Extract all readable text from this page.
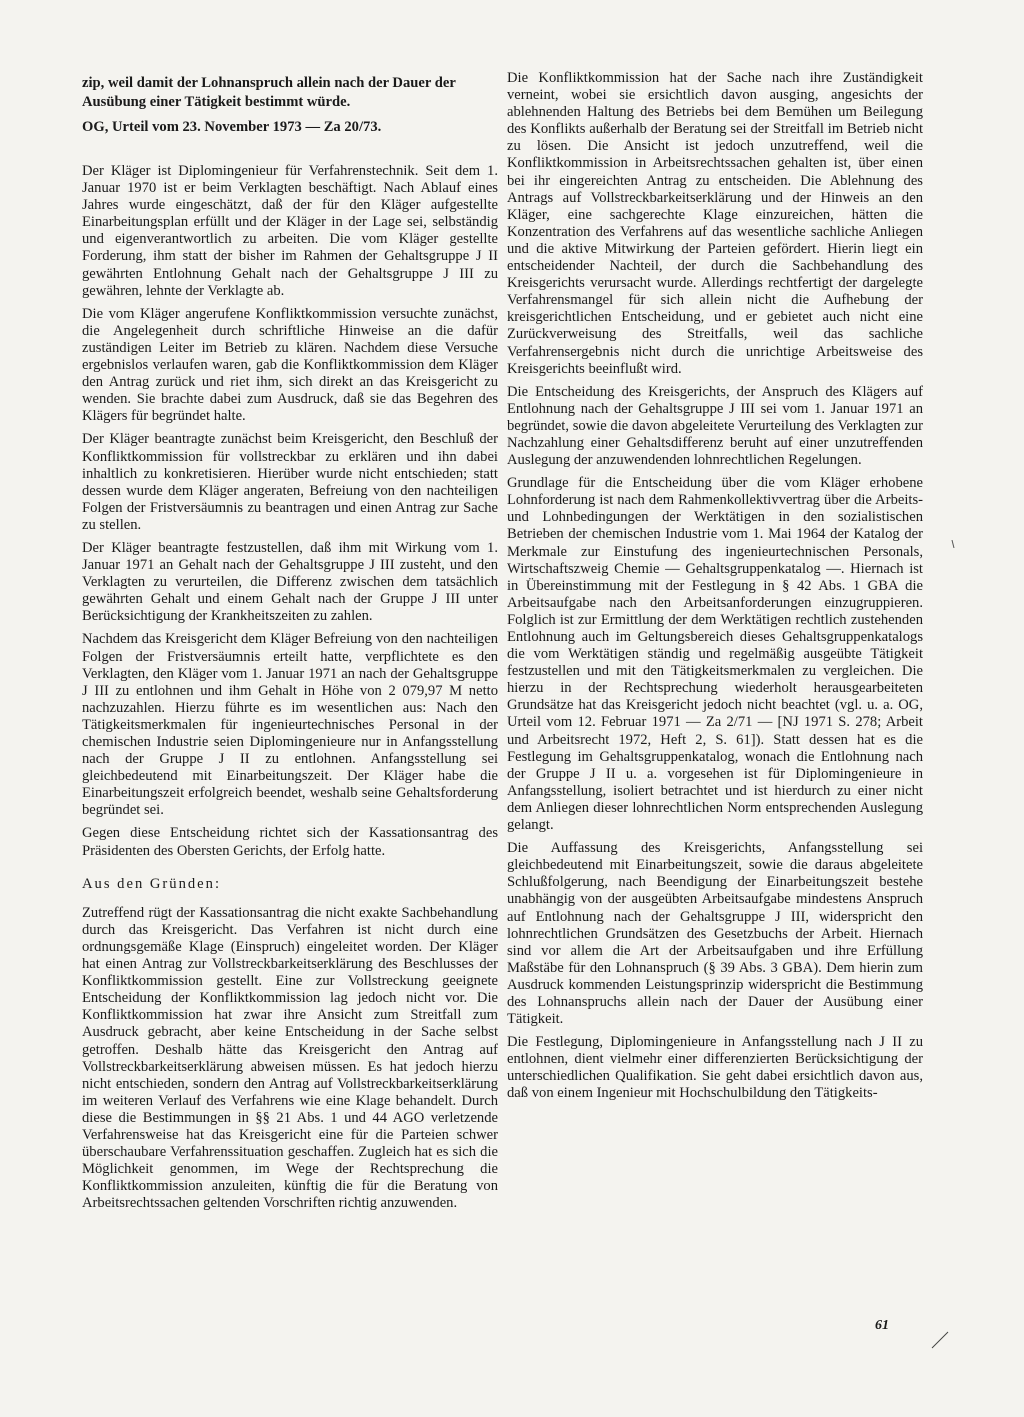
zip, weil damit der Lohnanspruch allein nach der Dauer der Ausübung einer Tätigkeit bestimmt würde.

OG, Urteil vom 23. November 1973 — Za 20/73.

Der Kläger ist Diplomingenieur für Verfahrenstechnik. Seit dem 1. Januar 1970 ist er beim Verklagten beschäftigt. Nach Ablauf eines Jahres wurde eingeschätzt, daß der für den Kläger aufgestellte Einarbeitungsplan erfüllt und der Kläger in der Lage sei, selbständig und eigenverantwortlich zu arbeiten. Die vom Kläger gestellte Forderung, ihm statt der bisher im Rahmen der Gehaltsgruppe J II gewährten Entlohnung Gehalt nach der Gehaltsgruppe J III zu gewähren, lehnte der Verklagte ab.

Die vom Kläger angerufene Konfliktkommission versuchte zunächst, die Angelegenheit durch schriftliche Hinweise an die dafür zuständigen Leiter im Betrieb zu klären. Nachdem diese Versuche ergebnislos verlaufen waren, gab die Konfliktkommission dem Kläger den Antrag zurück und riet ihm, sich direkt an das Kreisgericht zu wenden. Sie brachte dabei zum Ausdruck, daß sie das Begehren des Klägers für begründet halte.

Der Kläger beantragte zunächst beim Kreisgericht, den Beschluß der Konfliktkommission für vollstreckbar zu erklären und ihn dabei inhaltlich zu konkretisieren. Hierüber wurde nicht entschieden; statt dessen wurde dem Kläger angeraten, Befreiung von den nachteiligen Folgen der Fristversäumnis zu beantragen und einen Antrag zur Sache zu stellen.

Der Kläger beantragte festzustellen, daß ihm mit Wirkung vom 1. Januar 1971 an Gehalt nach der Gehaltsgruppe J III zusteht, und den Verklagten zu verurteilen, die Differenz zwischen dem tatsächlich gewährten Gehalt und einem Gehalt nach der Gruppe J III unter Berücksichtigung der Krankheitszeiten zu zahlen.

Nachdem das Kreisgericht dem Kläger Befreiung von den nachteiligen Folgen der Fristversäumnis erteilt hatte, verpflichtete es den Verklagten, den Kläger vom 1. Januar 1971 an nach der Gehaltsgruppe J III zu entlohnen und ihm Gehalt in Höhe von 2 079,97 M netto nachzuzahlen. Hierzu führte es im wesentlichen aus: Nach den Tätigkeitsmerkmalen für ingenieurtechnisches Personal in der chemischen Industrie seien Diplomingenieure nur in Anfangsstellung nach der Gruppe J II zu entlohnen. Anfangsstellung sei gleichbedeutend mit Einarbeitungszeit. Der Kläger habe die Einarbeitungszeit erfolgreich beendet, weshalb seine Gehaltsforderung begründet sei.

Gegen diese Entscheidung richtet sich der Kassationsantrag des Präsidenten des Obersten Gerichts, der Erfolg hatte.

Aus den Gründen:

Zutreffend rügt der Kassationsantrag die nicht exakte Sachbehandlung durch das Kreisgericht. Das Verfahren ist nicht durch eine ordnungsgemäße Klage (Einspruch) eingeleitet worden. Der Kläger hat einen Antrag zur Vollstreckbarkeitserklärung des Beschlusses der Konfliktkommission gestellt. Eine zur Vollstreckung geeignete Entscheidung der Konfliktkommission lag jedoch nicht vor. Die Konfliktkommission hat zwar ihre Ansicht zum Streitfall zum Ausdruck gebracht, aber keine Entscheidung in der Sache selbst getroffen. Deshalb hätte das Kreisgericht den Antrag auf Vollstreckbarkeitserklärung abweisen müssen. Es hat jedoch hierzu nicht entschieden, sondern den Antrag auf Vollstreckbarkeitserklärung im weiteren Verlauf des Verfahrens wie eine Klage behandelt. Durch diese die Bestimmungen in §§ 21 Abs. 1 und 44 AGO verletzende Verfahrensweise hat das Kreisgericht eine für die Parteien schwer überschaubare Verfahrenssituation geschaffen. Zugleich hat es sich die Möglichkeit genommen, im Wege der Rechtsprechung die Konfliktkommission anzuleiten, künftig die für die Beratung von Arbeitsrechtssachen geltenden Vorschriften richtig anzuwenden.

Die Konfliktkommission hat der Sache nach ihre Zuständigkeit verneint, wobei sie ersichtlich davon ausging, angesichts der ablehnenden Haltung des Betriebs bei dem Bemühen um Beilegung des Konflikts außerhalb der Beratung sei der Streitfall im Betrieb nicht zu lösen. Die Ansicht ist jedoch unzutreffend, weil die Konfliktkommission in Arbeitsrechtssachen gehalten ist, über einen bei ihr eingereichten Antrag zu entscheiden. Die Ablehnung des Antrags auf Vollstreckbarkeitserklärung und der Hinweis an den Kläger, eine sachgerechte Klage einzureichen, hätten die Konzentration des Verfahrens auf das wesentliche sachliche Anliegen und die aktive Mitwirkung der Parteien gefördert. Hierin liegt ein entscheidender Nachteil, der durch die Sachbehandlung des Kreisgerichts verursacht wurde. Allerdings rechtfertigt der dargelegte Verfahrensmangel für sich allein nicht die Aufhebung der kreisgerichtlichen Entscheidung, und er gebietet auch nicht eine Zurückverweisung des Streitfalls, weil das sachliche Verfahrensergebnis nicht durch die unrichtige Arbeitsweise des Kreisgerichts beeinflußt wird.

Die Entscheidung des Kreisgerichts, der Anspruch des Klägers auf Entlohnung nach der Gehaltsgruppe J III sei vom 1. Januar 1971 an begründet, sowie die davon abgeleitete Verurteilung des Verklagten zur Nachzahlung einer Gehaltsdifferenz beruht auf einer unzutreffenden Auslegung der anzuwendenden lohnrechtlichen Regelungen.

Grundlage für die Entscheidung über die vom Kläger erhobene Lohnforderung ist nach dem Rahmenkollektivvertrag über die Arbeits- und Lohnbedingungen der Werktätigen in den sozialistischen Betrieben der chemischen Industrie vom 1. Mai 1964 der Katalog der Merkmale zur Einstufung des ingenieurtechnischen Personals, Wirtschaftszweig Chemie — Gehaltsgruppenkatalog —. Hiernach ist in Übereinstimmung mit der Festlegung in § 42 Abs. 1 GBA die Arbeitsaufgabe nach den Arbeitsanforderungen einzugruppieren. Folglich ist zur Ermittlung der dem Werktätigen rechtlich zustehenden Entlohnung auch im Geltungsbereich dieses Gehaltsgruppenkatalogs die vom Werktätigen ständig und regelmäßig ausgeübte Tätigkeit festzustellen und mit den Tätigkeitsmerkmalen zu vergleichen. Die hierzu in der Rechtsprechung wiederholt herausgearbeiteten Grundsätze hat das Kreisgericht jedoch nicht beachtet (vgl. u. a. OG, Urteil vom 12. Februar 1971 — Za 2/71 — [NJ 1971 S. 278; Arbeit und Arbeitsrecht 1972, Heft 2, S. 61]). Statt dessen hat es die Festlegung im Gehaltsgruppenkatalog, wonach die Entlohnung nach der Gruppe J II u. a. vorgesehen ist für Diplomingenieure in Anfangsstellung, isoliert betrachtet und ist hierdurch zu einer nicht dem Anliegen dieser lohnrechtlichen Norm entsprechenden Auslegung gelangt.

Die Auffassung des Kreisgerichts, Anfangsstellung sei gleichbedeutend mit Einarbeitungszeit, sowie die daraus abgeleitete Schlußfolgerung, nach Beendigung der Einarbeitungszeit bestehe unabhängig von der ausgeübten Arbeitsaufgabe mindestens Anspruch auf Entlohnung nach der Gehaltsgruppe J III, widerspricht den lohnrechtlichen Grundsätzen des Gesetzbuchs der Arbeit. Hiernach sind vor allem die Art der Arbeitsaufgaben und ihre Erfüllung Maßstäbe für den Lohnanspruch (§ 39 Abs. 3 GBA). Dem hierin zum Ausdruck kommenden Leistungsprinzip widerspricht die Bestimmung des Lohnanspruchs allein nach der Dauer der Ausübung einer Tätigkeit.

Die Festlegung, Diplomingenieure in Anfangsstellung nach J II zu entlohnen, dient vielmehr einer differenzierten Berücksichtigung der unterschiedlichen Qualifikation. Sie geht dabei ersichtlich davon aus, daß von einem Ingenieur mit Hochschulbildung den Tätigkeits-

61
